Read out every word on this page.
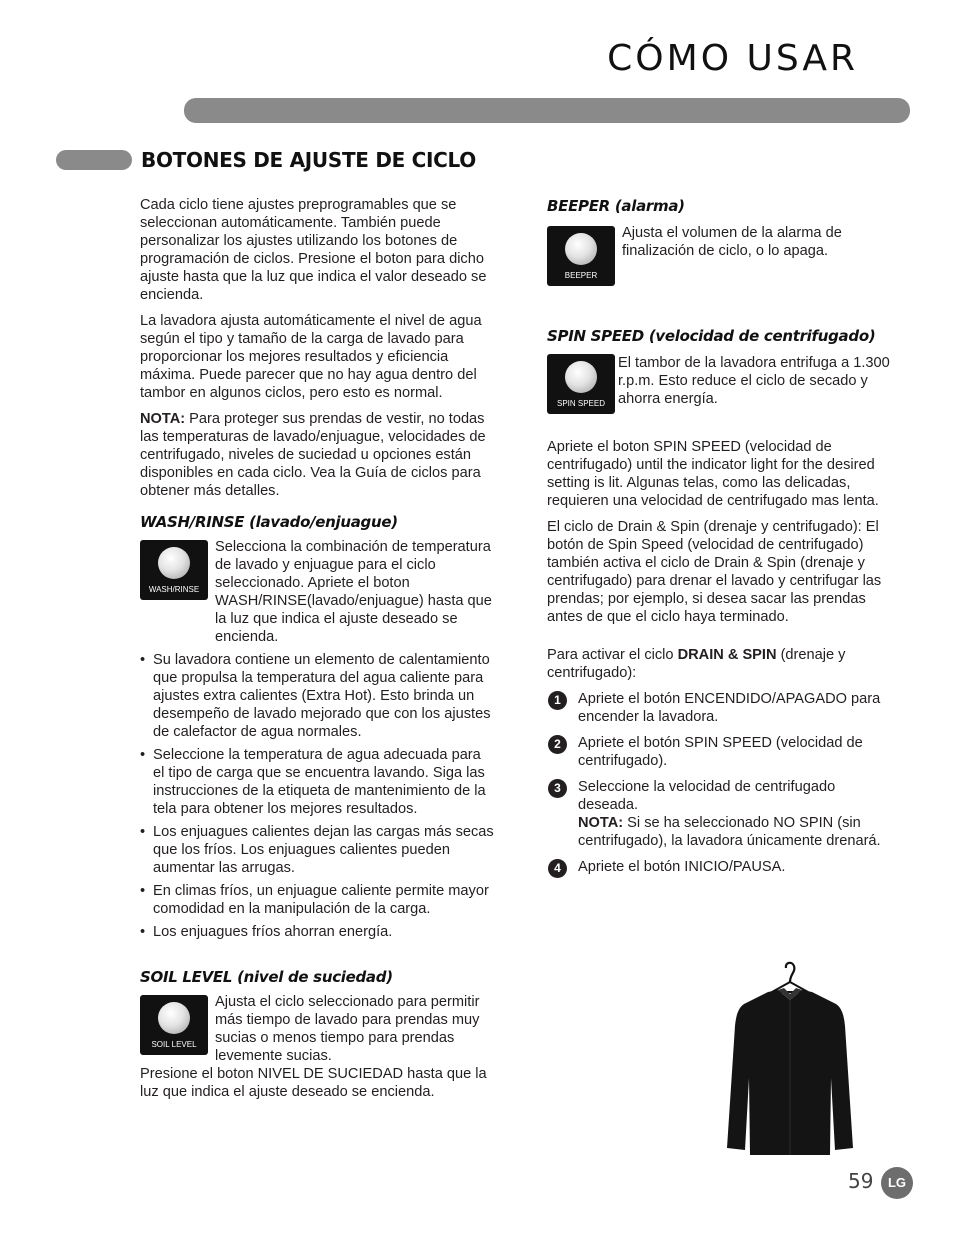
CÓMO USAR
BOTONES DE AJUSTE DE CICLO

Cada ciclo tiene ajustes preprogramables que se seleccionan automáticamente. También puede personalizar los ajustes utilizando los botones de programación de ciclos. Presione el boton para dicho ajuste hasta que la luz que indica el valor deseado se encienda.

La lavadora ajusta automáticamente el nivel de agua según el tipo y tamaño de la carga de lavado para proporcionar los mejores resultados y eficiencia máxima. Puede parecer que no hay agua dentro del tambor en algunos ciclos, pero esto es normal.

NOTA: Para proteger sus prendas de vestir, no todas las temperaturas de lavado/enjuague, velocidades de centrifugado, niveles de suciedad u opciones están disponibles en cada ciclo. Vea la Guía de ciclos para obtener más detalles.

WASH/RINSE (lavado/enjuague)
WASH/RINSE

Selecciona la combinación de temperatura de lavado y enjuague para el ciclo seleccionado. Apriete el boton WASH/RINSE(lavado/enjuague) hasta que la luz que indica el ajuste deseado se encienda.

• Su lavadora contiene un elemento de calentamiento que propulsa la temperatura del agua caliente para ajustes extra calientes (Extra Hot). Esto brinda un desempeño de lavado mejorado que con los ajustes de calefactor de agua normales.
• Seleccione la temperatura de agua adecuada para el tipo de carga que se encuentra lavando. Siga las instrucciones de la etiqueta de mantenimiento de la tela para obtener los mejores resultados.
• Los enjuagues calientes dejan las cargas más secas que los fríos. Los enjuagues calientes pueden aumentar las arrugas.
• En climas fríos, un enjuague caliente permite mayor comodidad en la manipulación de la carga.
• Los enjuagues fríos ahorran energía.
SOIL LEVEL (nivel de suciedad)
SOIL LEVEL

Ajusta el ciclo seleccionado para permitir más tiempo de lavado para prendas muy sucias o menos tiempo para prendas levemente sucias.

Presione el boton NIVEL DE SUCIEDAD hasta que la luz que indica el ajuste deseado se encienda.

BEEPER (alarma)
BEEPER

Ajusta el volumen de la alarma de finalización de ciclo, o lo apaga.

SPIN SPEED (velocidad de centrifugado)
SPIN SPEED

El tambor de la lavadora entrifuga a 1.300 r.p.m. Esto reduce el ciclo de secado y ahorra energía.

Apriete el boton SPIN SPEED (velocidad de centrifugado) until the indicator light for the desired setting is lit. Algunas telas, como las delicadas, requieren una velocidad de centrifugado mas lenta.

El ciclo de Drain & Spin (drenaje y centrifugado): El botón de Spin Speed (velocidad de centrifugado) también activa el ciclo de Drain & Spin (drenaje y centrifugado) para drenar el lavado y centrifugar las prendas; por ejemplo, si desea sacar las prendas antes de que el ciclo haya terminado.

Para activar el ciclo DRAIN & SPIN (drenaje y centrifugado):

1	Apriete el botón ENCENDIDO/APAGADO para encender la lavadora.
2	Apriete el botón SPIN SPEED (velocidad de centrifugado).
3	Seleccione la velocidad de centrifugado deseada.
NOTA: Si se ha seleccionado NO SPIN (sin centrifugado), la lavadora únicamente drenará.
4	Apriete el botón INICIO/PAUSA.
59	LG
